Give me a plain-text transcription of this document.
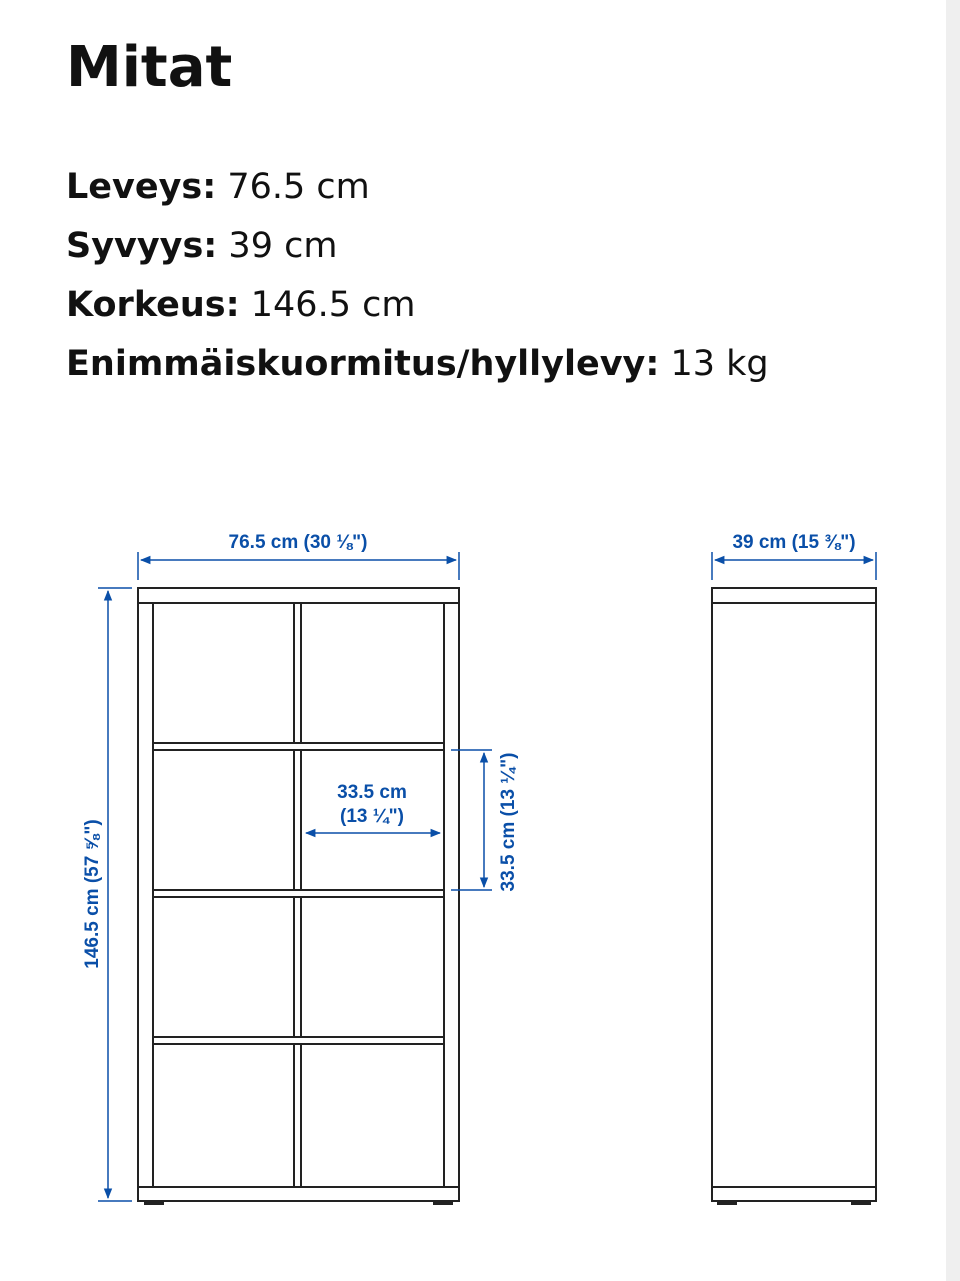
Mitat
Leveys: 76.5 cm
Syvyys: 39 cm
Korkeus: 146.5 cm
Enimmäiskuormitus/hyllylevy: 13 kg
76.5 cm (30 ⅛")
146.5 cm (57 ⅝")
33.5 cm
(13 ¼")	33.5 cm (13 ¼")
39 cm (15 ⅜")
